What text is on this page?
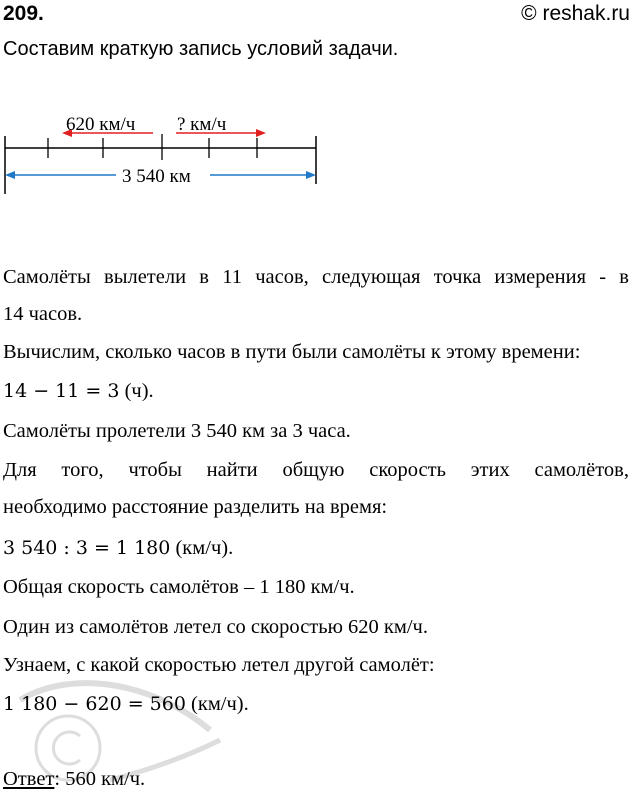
209.	© reshak.ru
Составим краткую запись условий задачи.
620 км/ч ? км/ч
3 540 км
Самолёты вылетели в 11 часов, следующая точка измерения - в
14 часов.
Вычислим, сколько часов в пути были самолёты к этому времени:
14 − 11 = 3 (ч).
Самолёты пролетели 3 540 км за 3 часа.
Для того, чтобы найти общую скорость этих самолётов,
необходимо расстояние разделить на время:
3 540 : 3 = 1 180 (км/ч).
Общая скорость самолётов – 1 180 км/ч.
Один из самолётов летел со скоростью 620 км/ч.
Узнаем, с какой скоростью летел другой самолёт:
1 180 − 620 = 560 (км/ч).
Ответ: 560 км/ч.
